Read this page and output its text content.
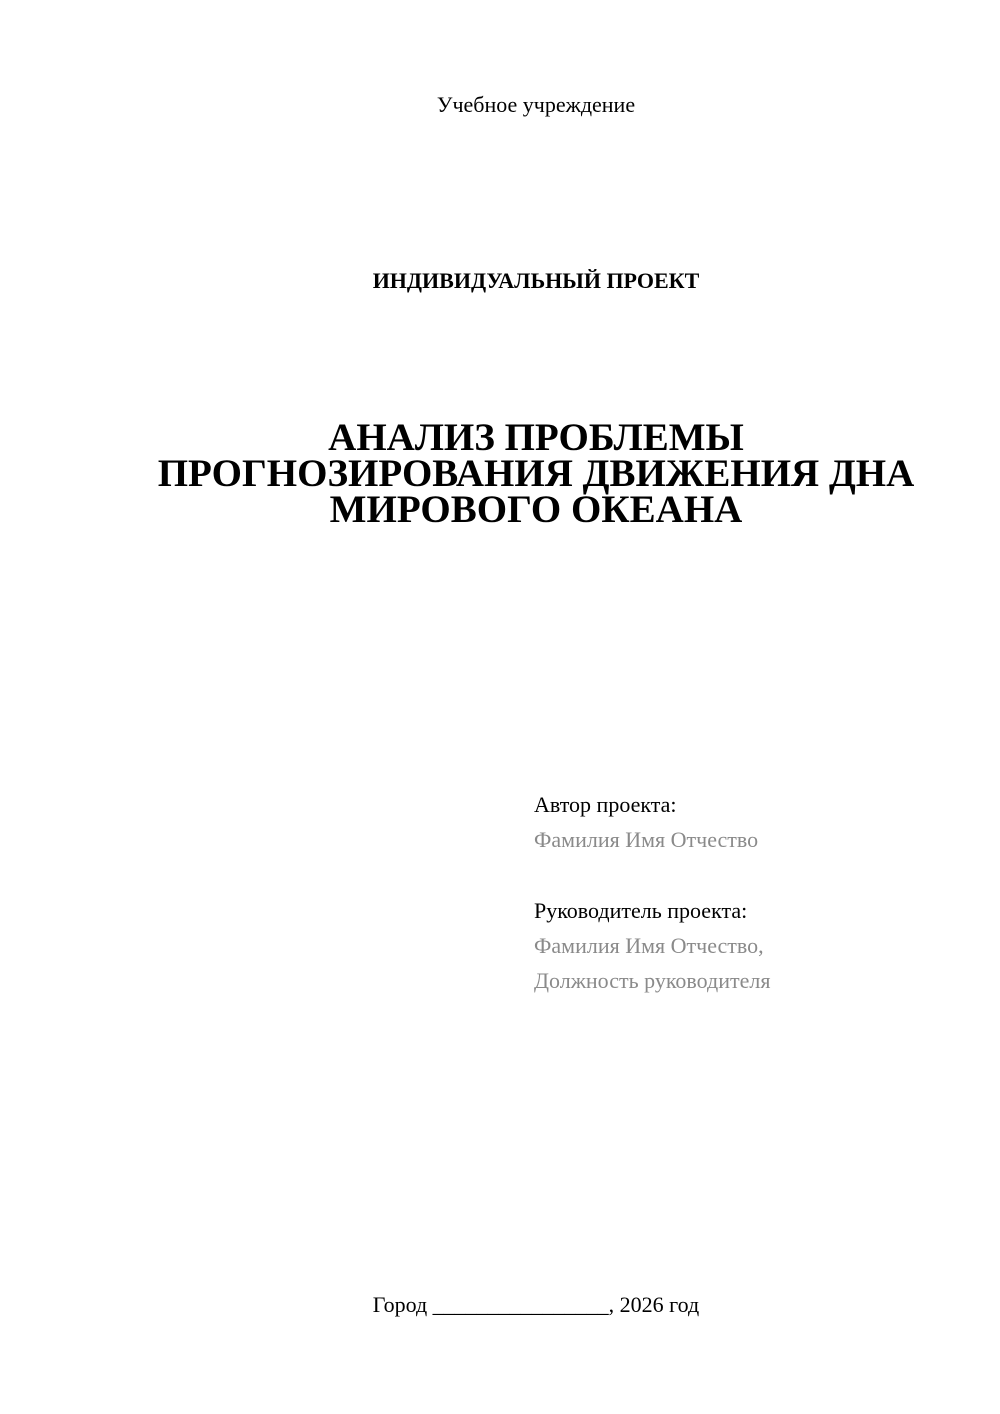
Учебное учреждение
ИНДИВИДУАЛЬНЫЙ ПРОЕКТ
АНАЛИЗ ПРОБЛЕМЫ
ПРОГНОЗИРОВАНИЯ ДВИЖЕНИЯ ДНА
МИРОВОГО ОКЕАНА
Автор проекта:
Фамилия Имя Отчество
Руководитель проекта:
Фамилия Имя Отчество,
Должность руководителя
Город ________________, 2026 год
